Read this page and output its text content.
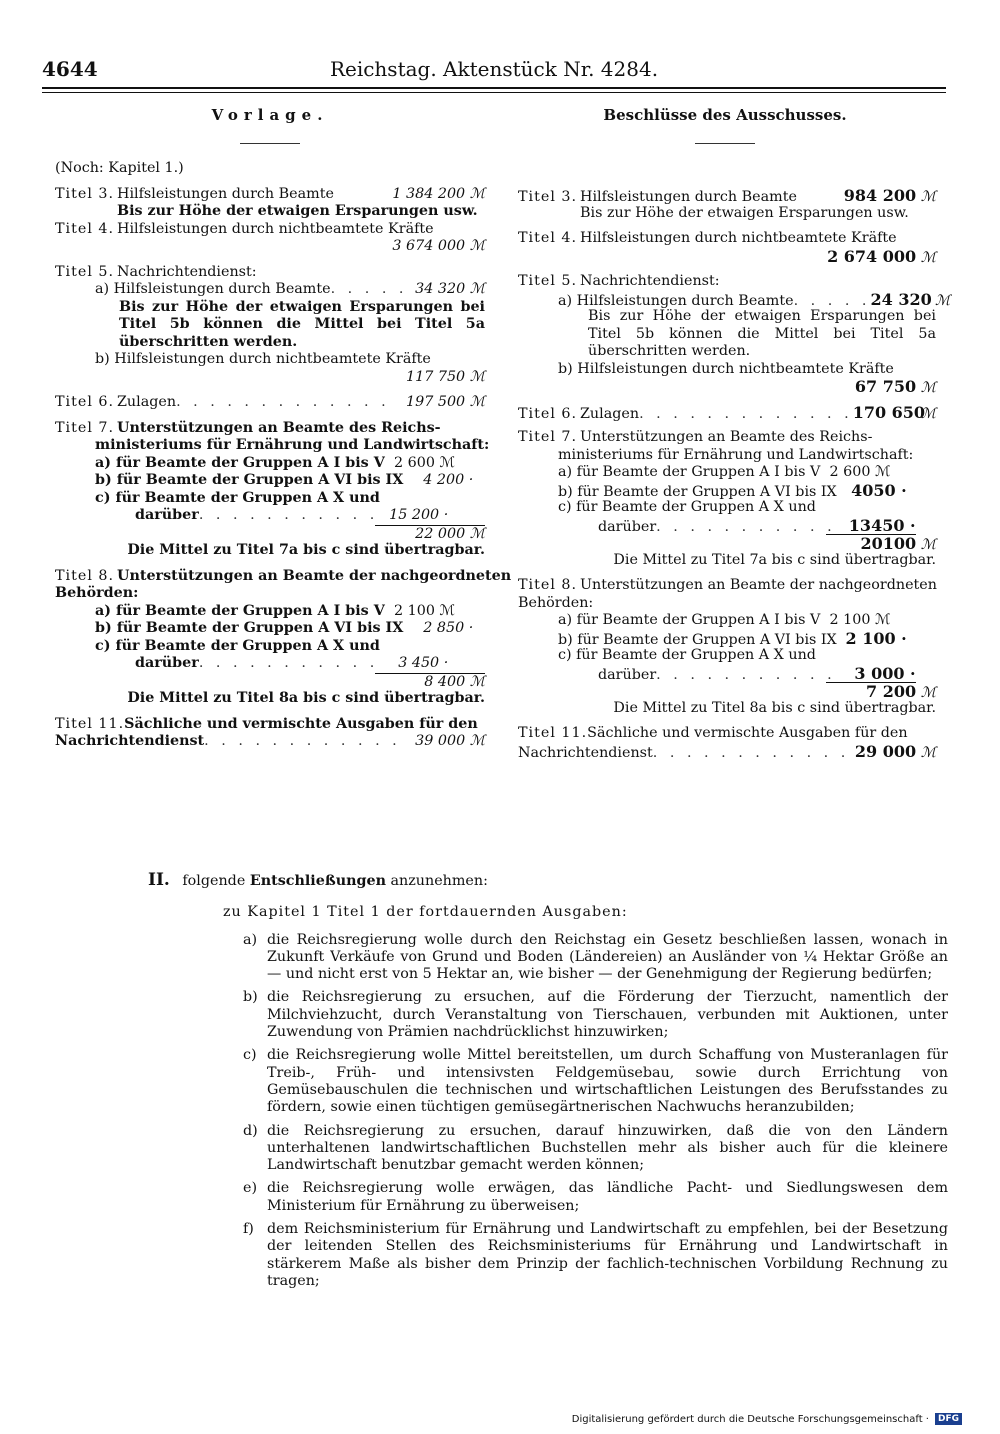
4644	Reichstag. Aktenstück Nr. 4284.
Vorlage.	Beschlüsse des Ausschusses.
(Noch: Kapitel 1.)
Titel 3. Hilfsleistungen durch Beamte	1 384 200 ℳ
Bis zur Höhe der etwaigen Ersparungen usw.
Titel 4. Hilfsleistungen durch nichtbeamtete Kräfte
3 674 000 ℳ
Titel 5. Nachrichtendienst:
a) Hilfsleistungen durch Beamte . . . . . 34 320 ℳ
Bis zur Höhe der etwaigen Ersparungen bei Titel 5b können die Mittel bei Titel 5a überschritten werden.
b) Hilfsleistungen durch nichtbeamtete Kräfte
117 750 ℳ
Titel 6. Zulagen . . . . . . . . . . . . .	197 500 ℳ
Titel 7. Unterstützungen an Beamte des Reichs-
ministeriums für Ernährung und Landwirtschaft:
a) für Beamte der Gruppen A I bis V 2 600 ℳ
b) für Beamte der Gruppen A VI bis IX	4 200 ·
c) für Beamte der Gruppen A X und
darüber . . . . . . . . . . . 15 200 ·
22 000 ℳ
Die Mittel zu Titel 7a bis c sind übertragbar.
Titel 8. Unterstützungen an Beamte der nachgeordneten
Behörden:
a) für Beamte der Gruppen A I bis V 2 100 ℳ
b) für Beamte der Gruppen A VI bis IX	2 850 ·
c) für Beamte der Gruppen A X und
darüber . . . . . . . . . . .	3 450 ·
8 400 ℳ
Die Mittel zu Titel 8a bis c sind übertragbar.
Titel 11. Sächliche und vermischte Ausgaben für den
Nachrichtendienst . . . . . . . . . . . .	39 000 ℳ
Titel 3. Hilfsleistungen durch Beamte	984 200
ℳ
Bis zur Höhe der etwaigen Ersparungen usw.
Titel 4. Hilfsleistungen durch nichtbeamtete Kräfte
2 674 000
ℳ
Titel 5. Nachrichtendienst:
a) Hilfsleistungen durch Beamte . . . . . 24 320
ℳ
Bis zur Höhe der etwaigen Ersparungen bei Titel 5b können die Mittel bei Titel 5a überschritten werden.
b) Hilfsleistungen durch nichtbeamtete Kräfte
67 750
ℳ
Titel 6. Zulagen . . . . . . . . . . . . . 170 650

ℳ
Titel 7. Unterstützungen an Beamte des Reichs-
ministeriums für Ernährung und Landwirtschaft:
a) für Beamte der Gruppen A I bis V 2 600 ℳ
b) für Beamte der Gruppen A VI bis IX 4050 ·
c) für Beamte der Gruppen A X und
darüber . . . . . . . . . . . 13450 ·
20100
ℳ
Die Mittel zu Titel 7a bis c sind übertragbar.
Titel 8. Unterstützungen an Beamte der nachgeordneten
Behörden:
a) für Beamte der Gruppen A I bis V 2 100 ℳ
b) für Beamte der Gruppen A VI bis IX 2 100 ·
c) für Beamte der Gruppen A X und
darüber . . . . . . . . . . .	3 000 ·
7 200
ℳ
Die Mittel zu Titel 8a bis c sind übertragbar.
Titel 11. Sächliche und vermischte Ausgaben für den
Nachrichtendienst . . . . . . . . . . . . 29 000
ℳ
II. folgende Entschließungen anzunehmen:
zu Kapitel 1 Titel 1 der fortdauernden Ausgaben:
a) die Reichsregierung wolle durch den Reichstag ein Gesetz beschließen lassen, wonach in Zukunft Verkäufe von Grund und Boden (Ländereien) an Ausländer von ¼ Hektar Größe an — und nicht erst von 5 Hektar an, wie bisher — der Genehmigung der Regierung bedürfen;
b) die Reichsregierung zu ersuchen, auf die Förderung der Tierzucht, namentlich der Milchviehzucht, durch Veranstaltung von Tierschauen, verbunden mit Auktionen, unter Zuwendung von Prämien nachdrücklichst hinzuwirken;
c) die Reichsregierung wolle Mittel bereitstellen, um durch Schaffung von Musteranlagen für Treib-, Früh- und intensivsten Feldgemüsebau, sowie durch Errichtung von Gemüsebauschulen die technischen und wirtschaftlichen Leistungen des Berufsstandes zu fördern, sowie einen tüchtigen gemüsegärtnerischen Nachwuchs heranzubilden;
d) die Reichsregierung zu ersuchen, darauf hinzuwirken, daß die von den Ländern unterhaltenen landwirtschaftlichen Buchstellen mehr als bisher auch für die kleinere Landwirtschaft benutzbar gemacht werden können;
e) die Reichsregierung wolle erwägen, das ländliche Pacht- und Siedlungswesen dem Ministerium für Ernährung zu überweisen;
f) dem Reichsministerium für Ernährung und Landwirtschaft zu empfehlen, bei der Besetzung der leitenden Stellen des Reichsministeriums für Ernährung und Landwirtschaft in stärkerem Maße als bisher dem Prinzip der fachlich-technischen Vorbildung Rechnung zu tragen;
Digitalisierung gefördert durch die Deutsche Forschungsgemeinschaft ·	DFG
